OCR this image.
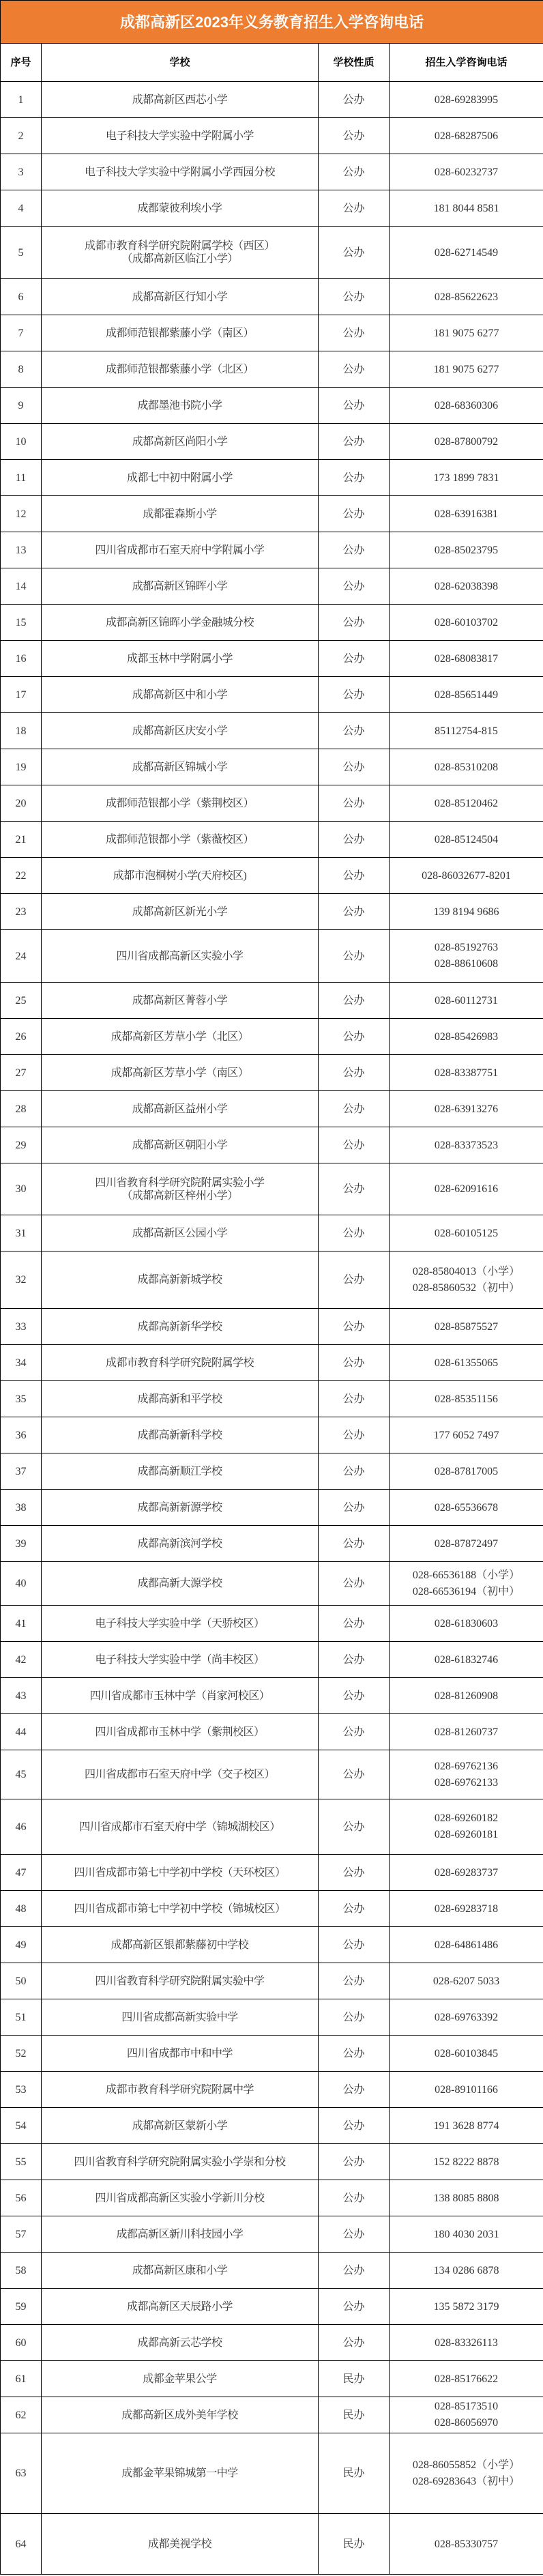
成都高新区2023年义务教育招生入学咨询电话			
序号	学校	学校性质	招生入学咨询电话
1	成都高新区西芯小学	公办	028-69283995

2	电子科技大学实验中学附属小学	公办	028-68287506

3	电子科技大学实验中学附属小学西园分校	公办	028-60232737

4	成都蒙彼利埃小学	公办	181 8044 8581

5	成都市教育科学研究院附属学校（西区）
（成都高新区临江小学）	公办	028-62714549

6	成都高新区行知小学	公办	028-85622623

7	成都师范银都紫藤小学（南区）	公办	181 9075 6277

8	成都师范银都紫藤小学（北区）	公办	181 9075 6277

9	成都墨池书院小学	公办	028-68360306

10	成都高新区尚阳小学	公办	028-87800792

11	成都七中初中附属小学	公办	173 1899 7831

12	成都霍森斯小学	公办	028-63916381

13	四川省成都市石室天府中学附属小学	公办	028-85023795

14	成都高新区锦晖小学	公办	028-62038398

15	成都高新区锦晖小学金融城分校	公办	028-60103702

16	成都玉林中学附属小学	公办	028-68083817

17	成都高新区中和小学	公办	028-85651449

18	成都高新区庆安小学	公办	85112754-815

19	成都高新区锦城小学	公办	028-85310208

20	成都师范银都小学（紫荆校区）	公办	028-85120462

21	成都师范银都小学（紫薇校区）	公办	028-85124504

22	成都市泡桐树小学(天府校区)	公办	028-86032677-8201

23	成都高新区新光小学	公办	139 8194 9686

24	四川省成都高新区实验小学	公办	028-85192763
028-88610608

25	成都高新区菁蓉小学	公办	028-60112731

26	成都高新区芳草小学（北区）	公办	028-85426983

27	成都高新区芳草小学（南区）	公办	028-83387751

28	成都高新区益州小学	公办	028-63913276

29	成都高新区朝阳小学	公办	028-83373523

30	四川省教育科学研究院附属实验小学
（成都高新区梓州小学）	公办	028-62091616

31	成都高新区公园小学	公办	028-60105125

32	成都高新新城学校	公办	028-85804013（小学）
028-85860532（初中）

33	成都高新新华学校	公办	028-85875527

34	成都市教育科学研究院附属学校	公办	028-61355065

35	成都高新和平学校	公办	028-85351156

36	成都高新新科学校	公办	177 6052 7497

37	成都高新顺江学校	公办	028-87817005

38	成都高新新源学校	公办	028-65536678

39	成都高新滨河学校	公办	028-87872497

40	成都高新大源学校	公办	028-66536188（小学）
028-66536194（初中）

41	电子科技大学实验中学（天骄校区）	公办	028-61830603

42	电子科技大学实验中学（尚丰校区）	公办	028-61832746

43	四川省成都市玉林中学（肖家河校区）	公办	028-81260908

44	四川省成都市玉林中学（紫荆校区）	公办	028-81260737

45	四川省成都市石室天府中学（交子校区）	公办	028-69762136
028-69762133

46	四川省成都市石室天府中学（锦城湖校区）	公办	028-69260182
028-69260181

47	四川省成都市第七中学初中学校（天环校区）	公办	028-69283737

48	四川省成都市第七中学初中学校（锦城校区）	公办	028-69283718

49	成都高新区银都紫藤初中学校	公办	028-64861486

50	四川省教育科学研究院附属实验中学	公办	028-6207 5033

51	四川省成都高新实验中学	公办	028-69763392

52	四川省成都市中和中学	公办	028-60103845

53	成都市教育科学研究院附属中学	公办	028-89101166

54	成都高新区蒙新小学	公办	191 3628 8774

55	四川省教育科学研究院附属实验小学崇和分校	公办	152 8222 8878

56	四川省成都高新区实验小学新川分校	公办	138 8085 8808

57	成都高新区新川科技园小学	公办	180 4030 2031

58	成都高新区康和小学	公办	134 0286 6878

59	成都高新区天辰路小学	公办	135 5872 3179

60	成都高新云芯学校	公办	028-83326113

61	成都金苹果公学	民办	028-85176622

62	成都高新区成外美年学校	民办	028-85173510
028-86056970

63	成都金苹果锦城第一中学	民办	028-86055852（小学）
028-69283643（初中）

64	成都美视学校	民办	028-85330757
